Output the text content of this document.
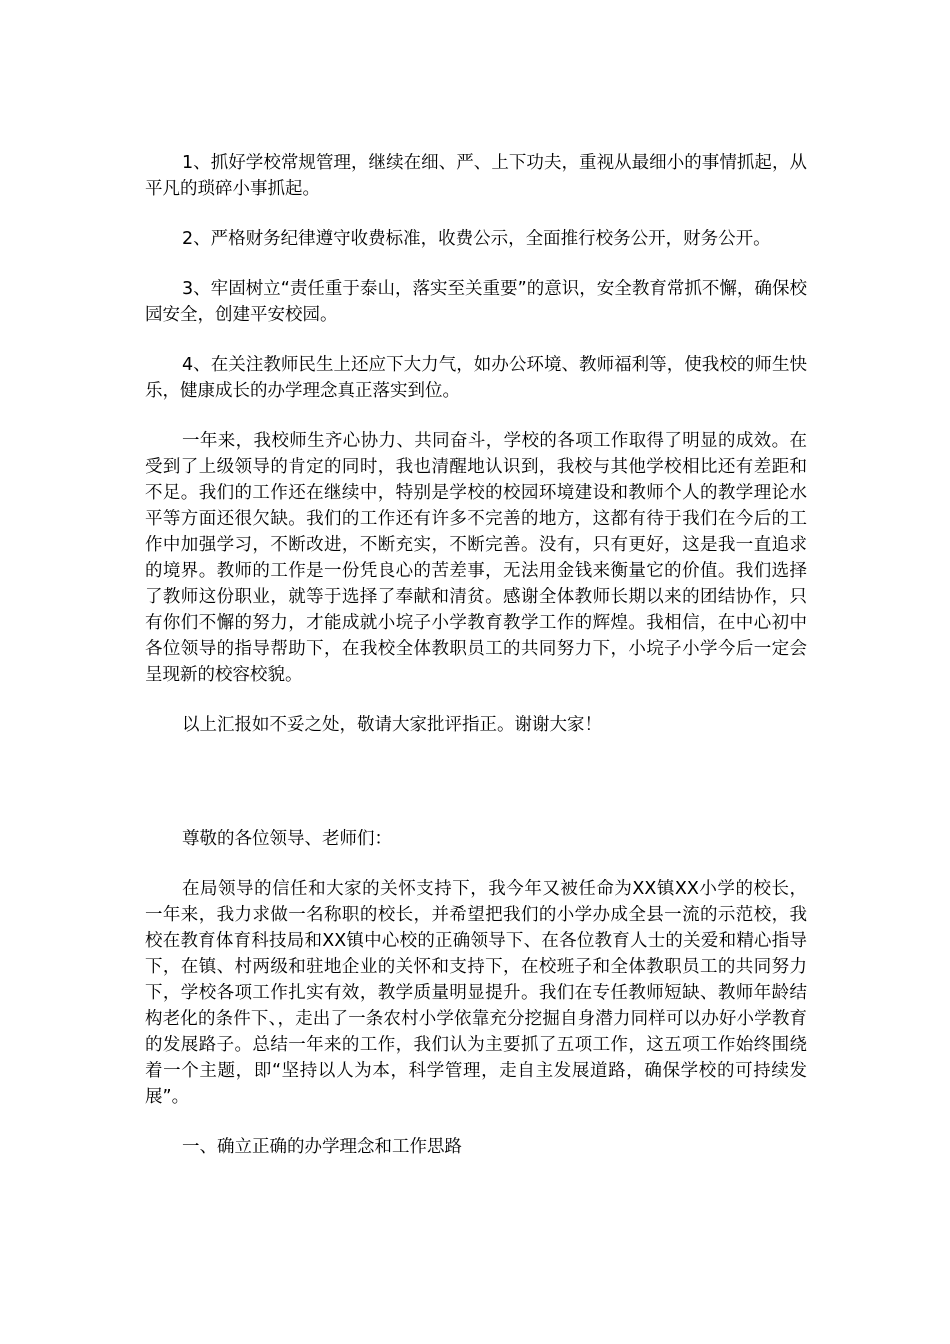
1、抓好学校常规管理，继续在细、严、上下功夫，重视从最细小的事情抓起，从平凡的琐碎小事抓起。

2、严格财务纪律遵守收费标准，收费公示，全面推行校务公开，财务公开。

3、牢固树立“责任重于泰山，落实至关重要”的意识，安全教育常抓不懈，确保校园安全，创建平安校园。

4、在关注教师民生上还应下大力气，如办公环境、教师福利等，使我校的师生快乐，健康成长的办学理念真正落实到位。

一年来，我校师生齐心协力、共同奋斗，学校的各项工作取得了明显的成效。在受到了上级领导的肯定的同时，我也清醒地认识到，我校与其他学校相比还有差距和不足。我们的工作还在继续中，特别是学校的校园环境建设和教师个人的教学理论水平等方面还很欠缺。我们的工作还有许多不完善的地方，这都有待于我们在今后的工作中加强学习，不断改进，不断充实，不断完善。没有，只有更好，这是我一直追求的境界。教师的工作是一份凭良心的苦差事，无法用金钱来衡量它的价值。我们选择了教师这份职业，就等于选择了奉献和清贫。感谢全体教师长期以来的团结协作，只有你们不懈的努力，才能成就小垸子小学教育教学工作的辉煌。我相信，在中心初中各位领导的指导帮助下，在我校全体教职员工的共同努力下，小垸子小学今后一定会呈现新的校容校貌。

以上汇报如不妥之处，敬请大家批评指正。谢谢大家！

尊敬的各位领导、老师们：

在局领导的信任和大家的关怀支持下，我今年又被任命为XX镇XX小学的校长，一年来，我力求做一名称职的校长，并希望把我们的小学办成全县一流的示范校，我校在教育体育科技局和XX镇中心校的正确领导下、在各位教育人士的关爱和精心指导下，在镇、村两级和驻地企业的关怀和支持下，在校班子和全体教职员工的共同努力下，学校各项工作扎实有效，教学质量明显提升。我们在专任教师短缺、教师年龄结构老化的条件下、，走出了一条农村小学依靠充分挖掘自身潜力同样可以办好小学教育的发展路子。总结一年来的工作，我们认为主要抓了五项工作，这五项工作始终围绕着一个主题，即“坚持以人为本，科学管理，走自主发展道路，确保学校的可持续发展”。

一、确立正确的办学理念和工作思路
